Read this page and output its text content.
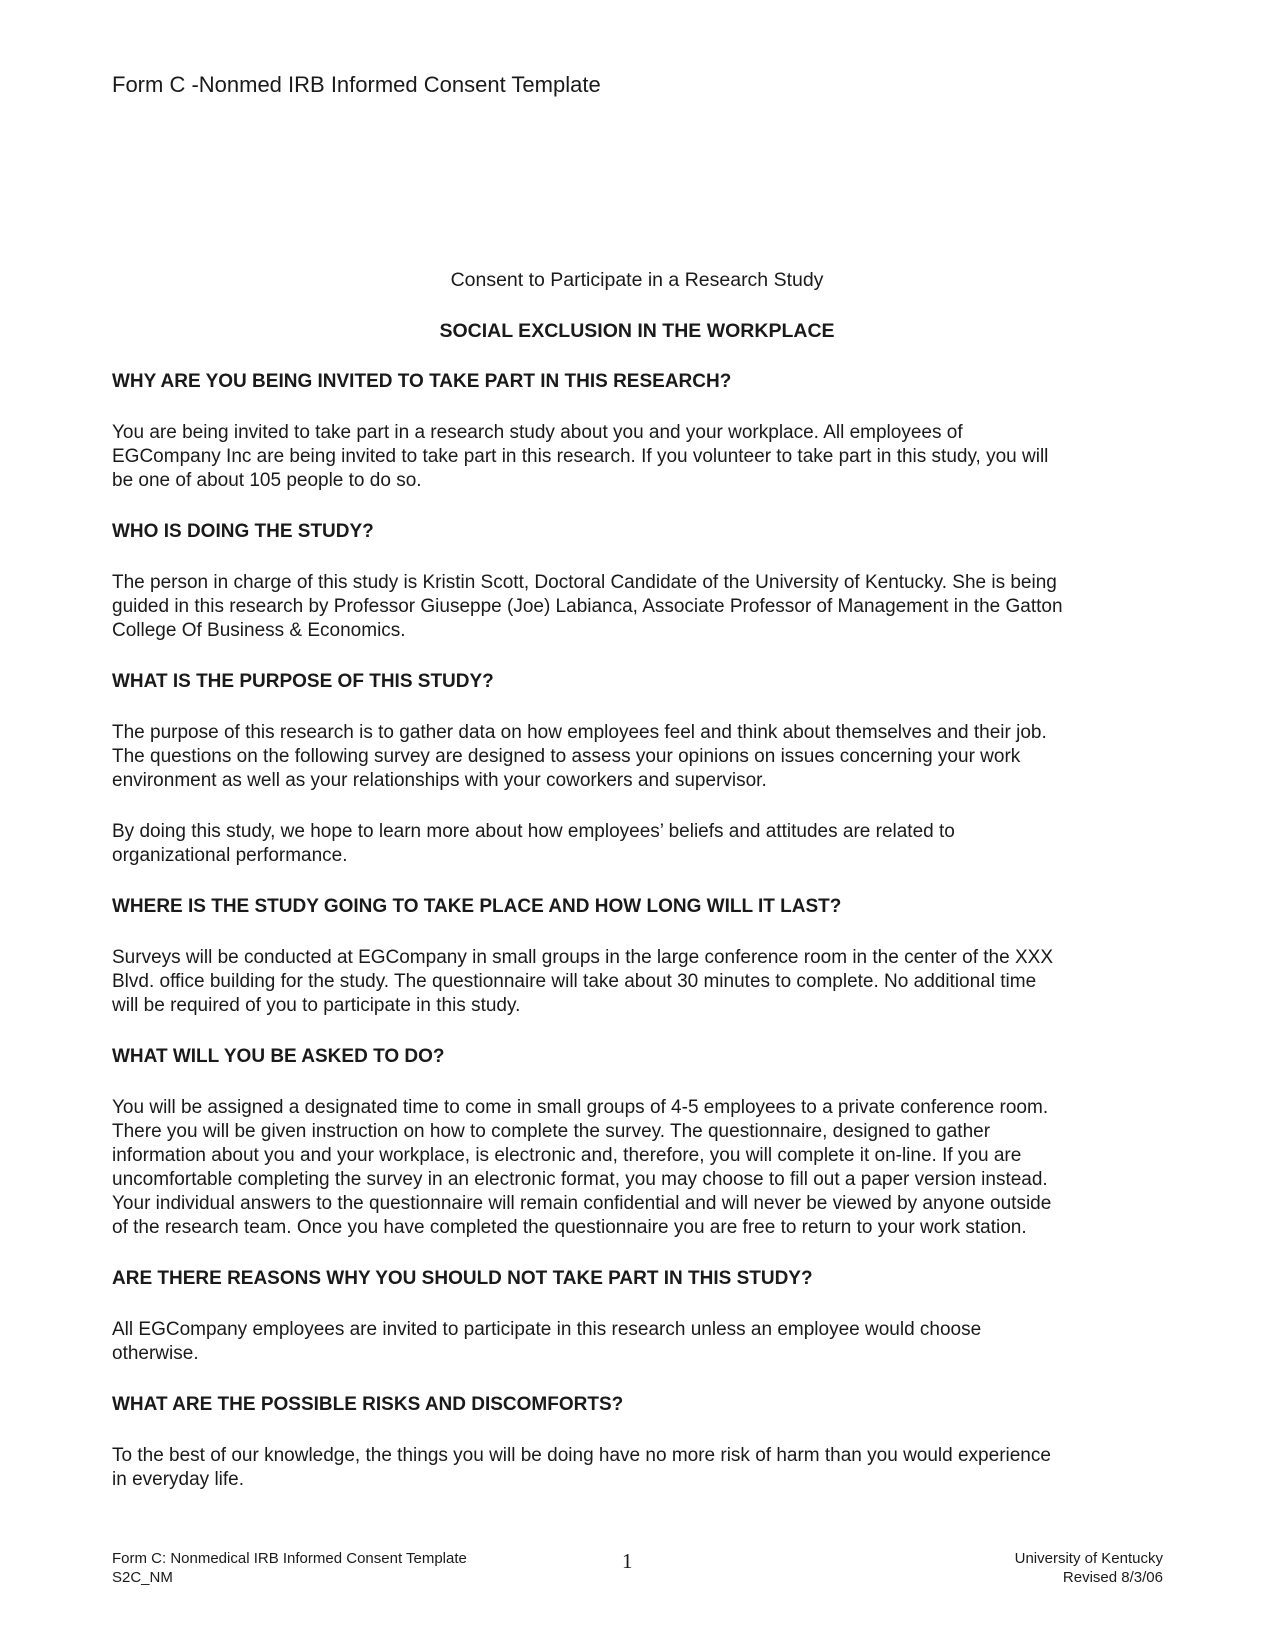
Form C -Nonmed IRB Informed Consent Template
Consent to Participate in a Research Study
SOCIAL EXCLUSION IN THE WORKPLACE
WHY ARE YOU BEING INVITED TO TAKE PART IN THIS RESEARCH?
You are being invited to take part in a research study about you and your workplace. All employees of
EGCompany Inc are being invited to take part in this research. If you volunteer to take part in this study, you will
be one of about 105 people to do so.
WHO IS DOING THE STUDY?
The person in charge of this study is Kristin Scott, Doctoral Candidate of the University of Kentucky. She is being
guided in this research by Professor Giuseppe (Joe) Labianca, Associate Professor of Management in the Gatton
College Of Business & Economics.
WHAT IS THE PURPOSE OF THIS STUDY?
The purpose of this research is to gather data on how employees feel and think about themselves and their job.
The questions on the following survey are designed to assess your opinions on issues concerning your work
environment as well as your relationships with your coworkers and supervisor.
By doing this study, we hope to learn more about how employees’ beliefs and attitudes are related to
organizational performance.
WHERE IS THE STUDY GOING TO TAKE PLACE AND HOW LONG WILL IT LAST?
Surveys will be conducted at EGCompany in small groups in the large conference room in the center of the XXX
Blvd. office building for the study. The questionnaire will take about 30 minutes to complete. No additional time
will be required of you to participate in this study.
WHAT WILL YOU BE ASKED TO DO?
You will be assigned a designated time to come in small groups of 4-5 employees to a private conference room.
There you will be given instruction on how to complete the survey. The questionnaire, designed to gather
information about you and your workplace, is electronic and, therefore, you will complete it on-line. If you are
uncomfortable completing the survey in an electronic format, you may choose to fill out a paper version instead.
Your individual answers to the questionnaire will remain confidential and will never be viewed by anyone outside
of the research team. Once you have completed the questionnaire you are free to return to your work station.
ARE THERE REASONS WHY YOU SHOULD NOT TAKE PART IN THIS STUDY?
All EGCompany employees are invited to participate in this research unless an employee would choose
otherwise.
WHAT ARE THE POSSIBLE RISKS AND DISCOMFORTS?
To the best of our knowledge, the things you will be doing have no more risk of harm than you would experience
in everyday life.
Form C: Nonmedical IRB Informed Consent Template
S2C_NM
1	University of Kentucky
Revised 8/3/06
